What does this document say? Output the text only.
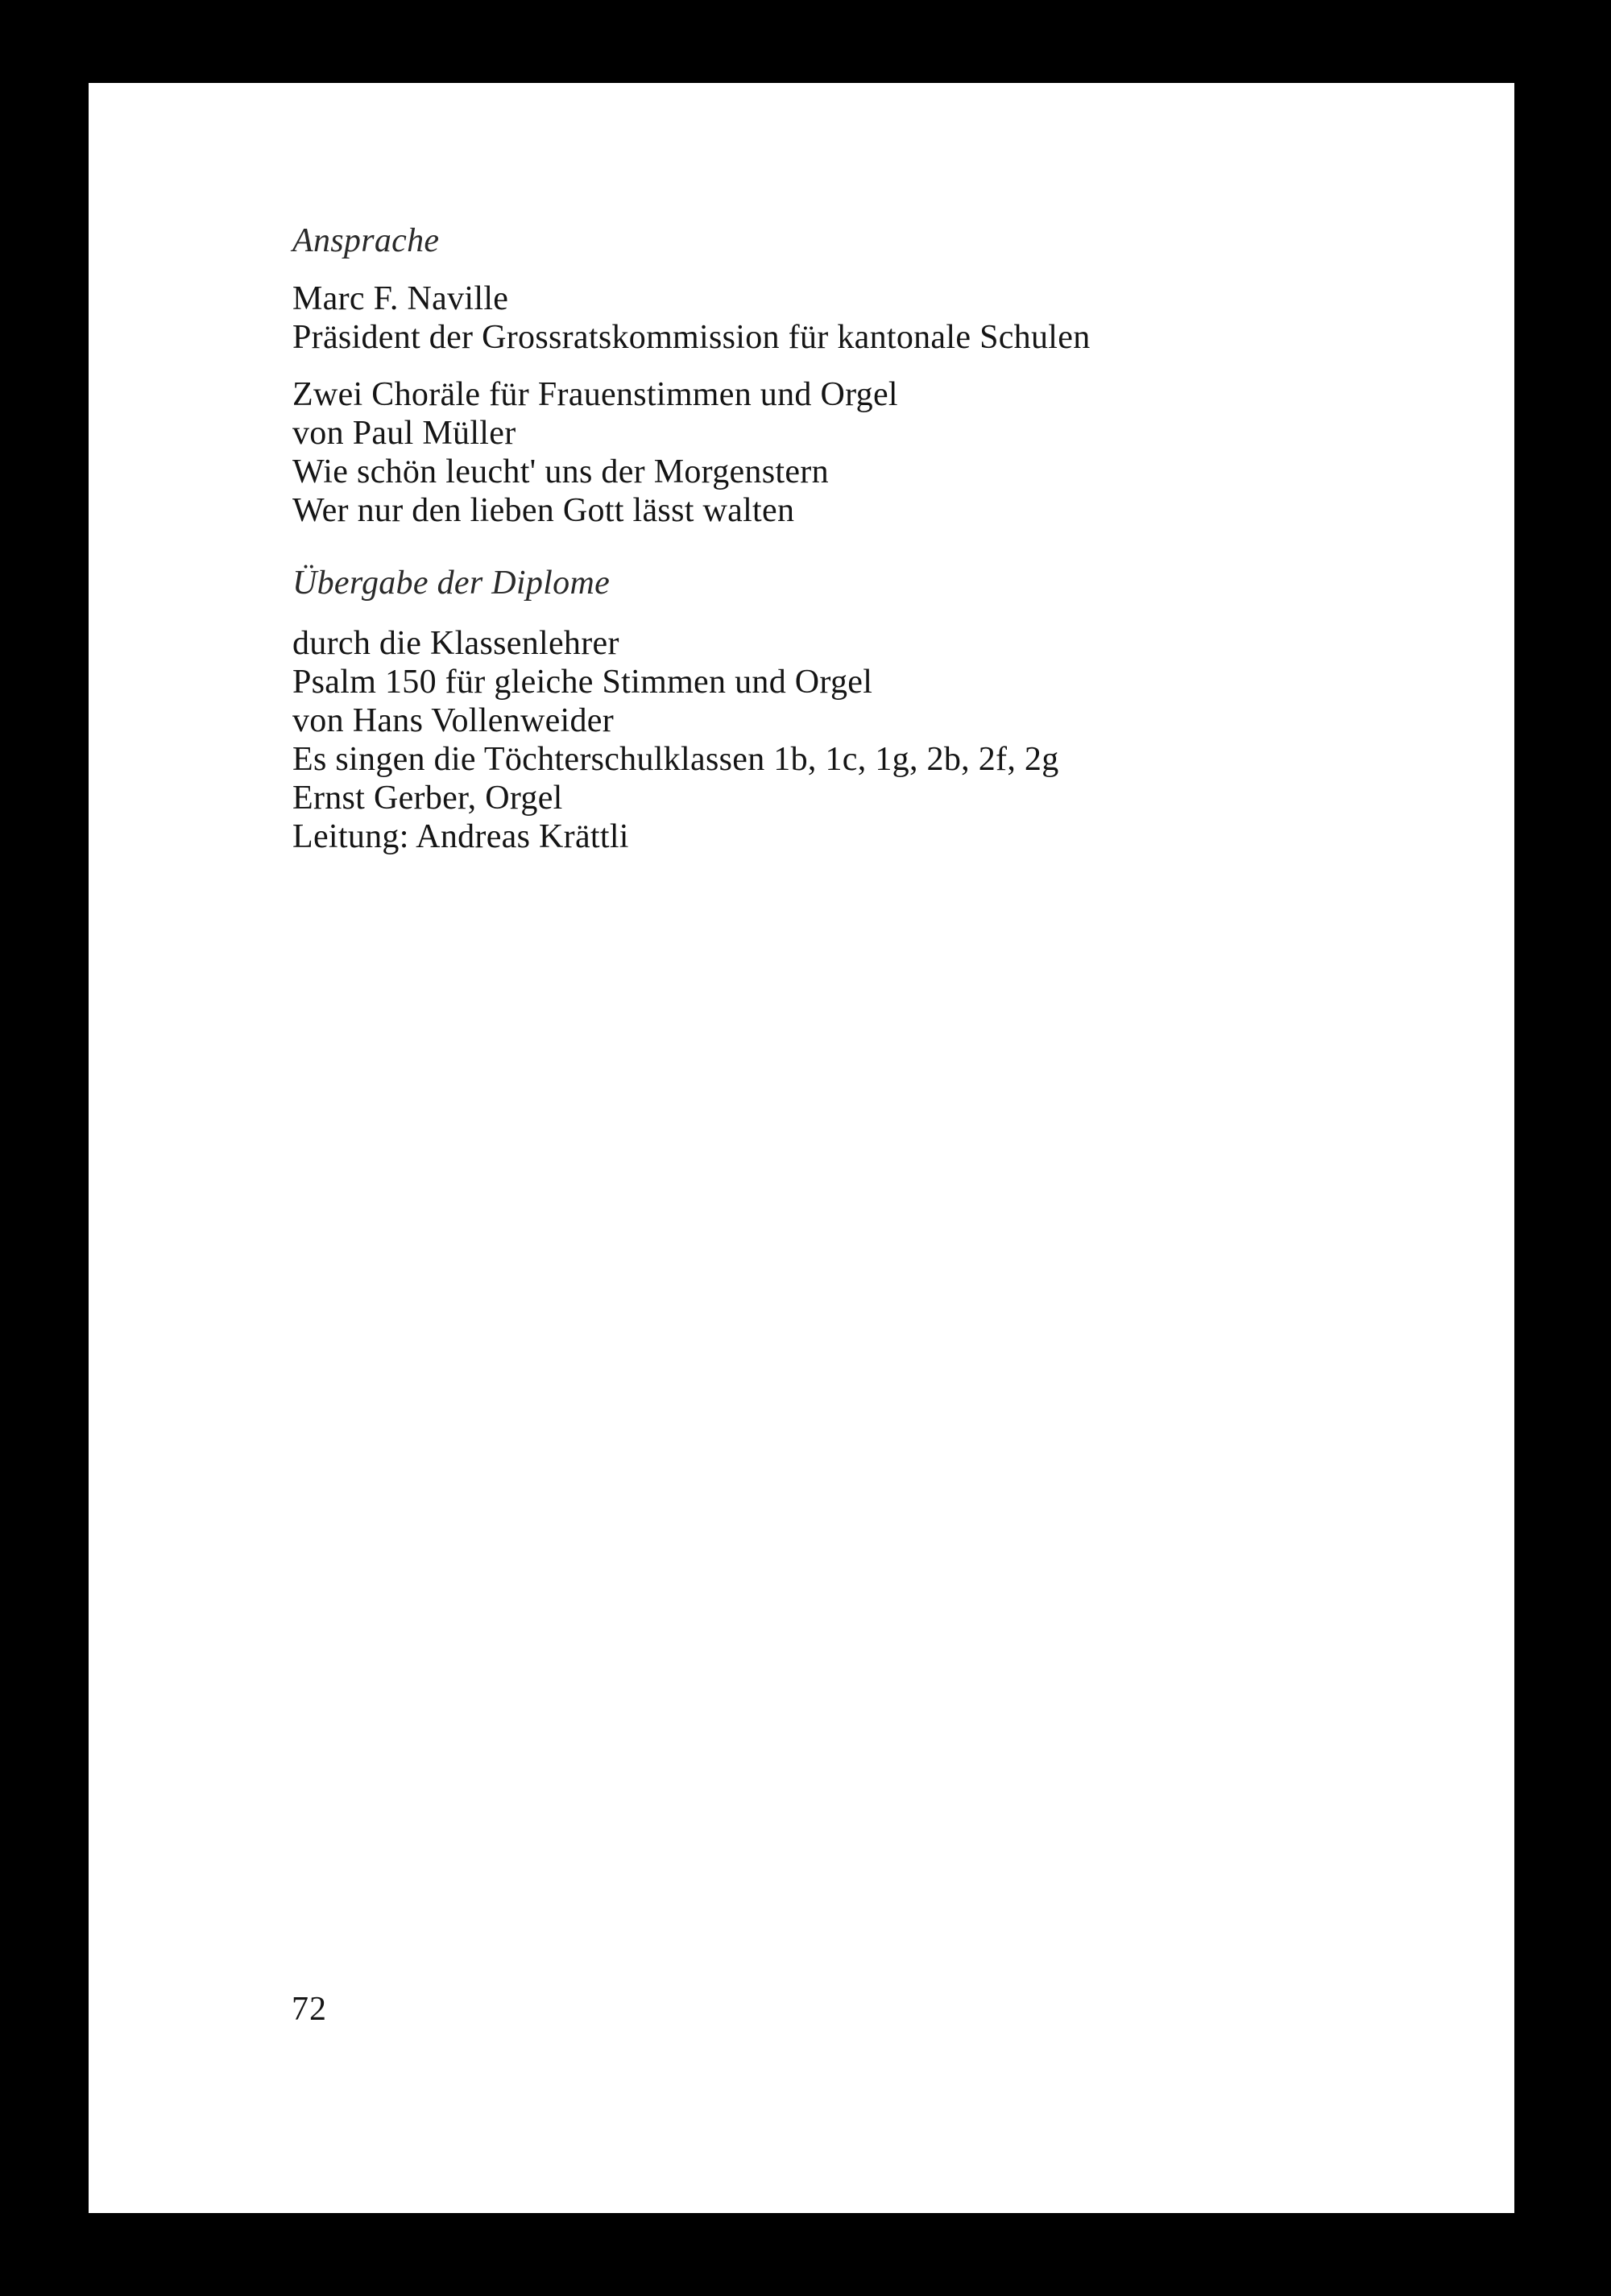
Ansprache

Marc F. Naville

Präsident der Grossratskommission für kantonale Schulen

Zwei Choräle für Frauenstimmen und Orgel

von Paul Müller

Wie schön leucht' uns der Morgenstern

Wer nur den lieben Gott lässt walten

Übergabe der Diplome

durch die Klassenlehrer

Psalm 150 für gleiche Stimmen und Orgel

von Hans Vollenweider

Es singen die Töchterschulklassen 1b, 1c, 1g, 2b, 2f, 2g

Ernst Gerber, Orgel

Leitung: Andreas Krättli

72
